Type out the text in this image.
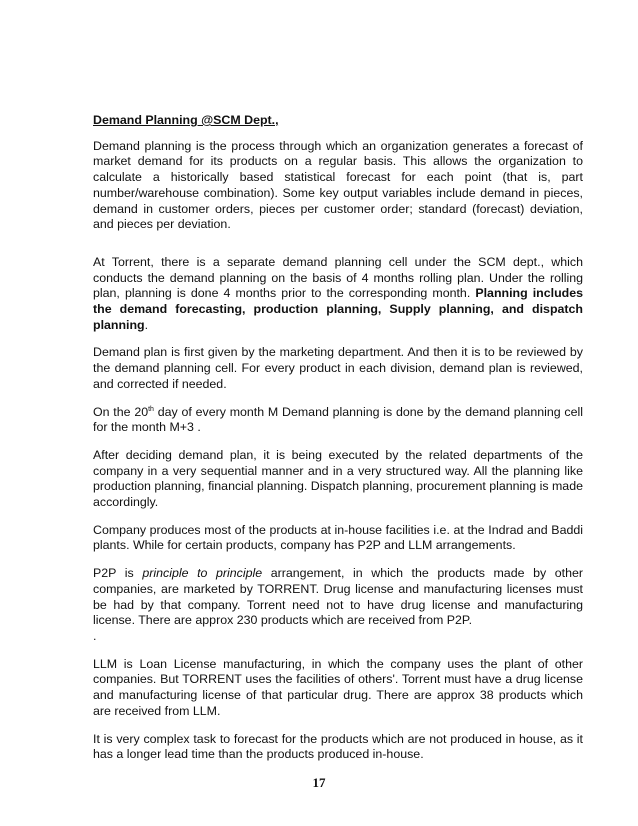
Demand Planning @SCM Dept.,

Demand planning is the process through which an organization generates a forecast of market demand for its products on a regular basis. This allows the organization to calculate a historically based statistical forecast for each point (that is, part number/warehouse combination). Some key output variables include demand in pieces, demand in customer orders, pieces per customer order; standard (forecast) deviation, and pieces per deviation.

At Torrent, there is a separate demand planning cell under the SCM dept., which conducts the demand planning on the basis of 4 months rolling plan. Under the rolling plan, planning is done 4 months prior to the corresponding month. Planning includes the demand forecasting, production planning, Supply planning, and dispatch planning.

Demand plan is first given by the marketing department. And then it is to be reviewed by the demand planning cell. For every product in each division, demand plan is reviewed, and corrected if needed.

On the 20th day of every month M Demand planning is done by the demand planning cell for the month M+3 .

After deciding demand plan, it is being executed by the related departments of the company in a very sequential manner and in a very structured way. All the planning like production planning, financial planning. Dispatch planning, procurement planning is made accordingly.

Company produces most of the products at in-house facilities i.e. at the Indrad and Baddi plants. While for certain products, company has P2P and LLM arrangements.

P2P is principle to principle arrangement, in which the products made by other companies, are marketed by TORRENT. Drug license and manufacturing licenses must be had by that company. Torrent need not to have drug license and manufacturing license. There are approx 230 products which are received from P2P.

.

LLM is Loan License manufacturing, in which the company uses the plant of other companies. But TORRENT uses the facilities of others'. Torrent must have a drug license and manufacturing license of that particular drug. There are approx 38 products which are received from LLM.

It is very complex task to forecast for the products which are not produced in house, as it has a longer lead time than the products produced in-house.

17
